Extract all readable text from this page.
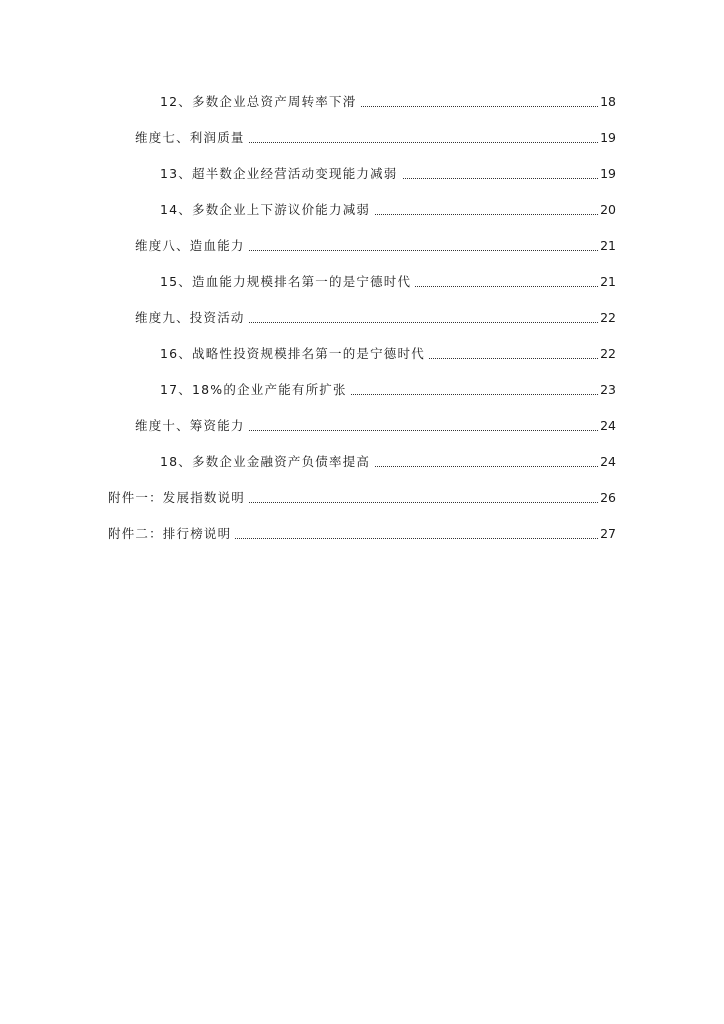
12、多数企业总资产周转率下滑	18
维度七、利润质量	19
13、超半数企业经营活动变现能力减弱	19
14、多数企业上下游议价能力减弱	20
维度八、造血能力	21
15、造血能力规模排名第一的是宁德时代	21
维度九、投资活动	22
16、战略性投资规模排名第一的是宁德时代	22
17、18%的企业产能有所扩张	23
维度十、筹资能力	24
18、多数企业金融资产负债率提高	24
附件一：发展指数说明	26
附件二：排行榜说明	27
